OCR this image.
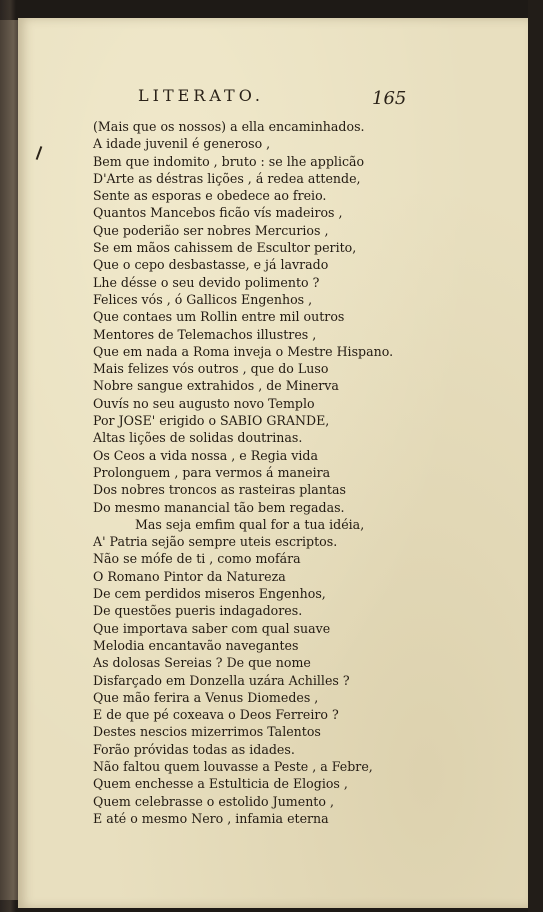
LITERATO.	165
(Mais que os nossos) a ella encaminhados.
A idade juvenil é generoso ,
Bem que indomito , bruto : se lhe applicão
D'Arte as déstras lições , á redea attende,
Sente as esporas e obedece ao freio.
Quantos Mancebos ficão vís madeiros ,
Que poderião ser nobres Mercurios ,
Se em mãos cahissem de Escultor perito,
Que o cepo desbastasse, e já lavrado
Lhe désse o seu devido polimento ?
Felices vós , ó Gallicos Engenhos ,
Que contaes um Rollin entre mil outros
Mentores de Telemachos illustres ,
Que em nada a Roma inveja o Mestre Hispano.
Mais felizes vós outros , que do Luso
Nobre sangue extrahidos , de Minerva
Ouvís no seu augusto novo Templo
Por JOSE' erigido o SABIO GRANDE,
Altas lições de solidas doutrinas.
Os Ceos a vida nossa , e Regia vida
Prolonguem , para vermos á maneira
Dos nobres troncos as rasteiras plantas
Do mesmo manancial tão bem regadas.
Mas seja emfim qual for a tua idéia,
A' Patria sejão sempre uteis escriptos.
Não se mófe de ti , como mofára
O Romano Pintor da Natureza
De cem perdidos miseros Engenhos,
De questões pueris indagadores.
Que importava saber com qual suave
Melodia encantavão navegantes
As dolosas Sereias ? De que nome
Disfarçado em Donzella uzára Achilles ?
Que mão ferira a Venus Diomedes ,
E de que pé coxeava o Deos Ferreiro ?
Destes nescios mizerrimos Talentos
Forão próvidas todas as idades.
Não faltou quem louvasse a Peste , a Febre,
Quem enchesse a Estulticia de Elogios ,
Quem celebrasse o estolido Jumento ,
E até o mesmo Nero , infamia eterna
